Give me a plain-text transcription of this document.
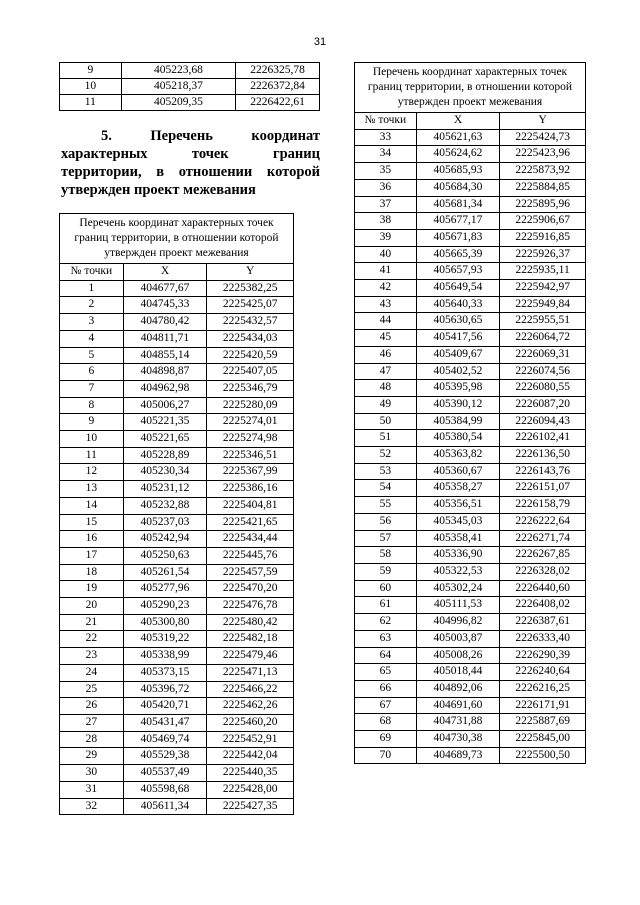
31
9	405223,68	2226325,78
10	405218,37	2226372,84
11	405209,35	2226422,61
5.	Перечень координат характерных точек границ территории, в отношении которой утвержден проект межевания
Перечень координат характерных точек границ территории, в отношении которой утвержден проект межевания		
№ точки	X	Y
1	404677,67	2225382,25
2	404745,33	2225425,07
3	404780,42	2225432,57
4	404811,71	2225434,03
5	404855,14	2225420,59
6	404898,87	2225407,05
7	404962,98	2225346,79
8	405006,27	2225280,09
9	405221,35	2225274,01
10	405221,65	2225274,98
11	405228,89	2225346,51
12	405230,34	2225367,99
13	405231,12	2225386,16
14	405232,88	2225404,81
15	405237,03	2225421,65
16	405242,94	2225434,44
17	405250,63	2225445,76
18	405261,54	2225457,59
19	405277,96	2225470,20
20	405290,23	2225476,78
21	405300,80	2225480,42
22	405319,22	2225482,18
23	405338,99	2225479,46
24	405373,15	2225471,13
25	405396,72	2225466,22
26	405420,71	2225462,26
27	405431,47	2225460,20
28	405469,74	2225452,91
29	405529,38	2225442,04
30	405537,49	2225440,35
31	405598,68	2225428,00
32	405611,34	2225427,35
Перечень координат характерных точек границ территории, в отношении которой утвержден проект межевания		
№ точки	X	Y
33	405621,63	2225424,73
34	405624,62	2225423,96
35	405685,93	2225873,92
36	405684,30	2225884,85
37	405681,34	2225895,96
38	405677,17	2225906,67
39	405671,83	2225916,85
40	405665,39	2225926,37
41	405657,93	2225935,11
42	405649,54	2225942,97
43	405640,33	2225949,84
44	405630,65	2225955,51
45	405417,56	2226064,72
46	405409,67	2226069,31
47	405402,52	2226074,56
48	405395,98	2226080,55
49	405390,12	2226087,20
50	405384,99	2226094,43
51	405380,54	2226102,41
52	405363,82	2226136,50
53	405360,67	2226143,76
54	405358,27	2226151,07
55	405356,51	2226158,79
56	405345,03	2226222,64
57	405358,41	2226271,74
58	405336,90	2226267,85
59	405322,53	2226328,02
60	405302,24	2226440,60
61	405111,53	2226408,02
62	404996,82	2226387,61
63	405003,87	2226333,40
64	405008,26	2226290,39
65	405018,44	2226240,64
66	404892,06	2226216,25
67	404691,60	2226171,91
68	404731,88	2225887,69
69	404730,38	2225845,00
70	404689,73	2225500,50
